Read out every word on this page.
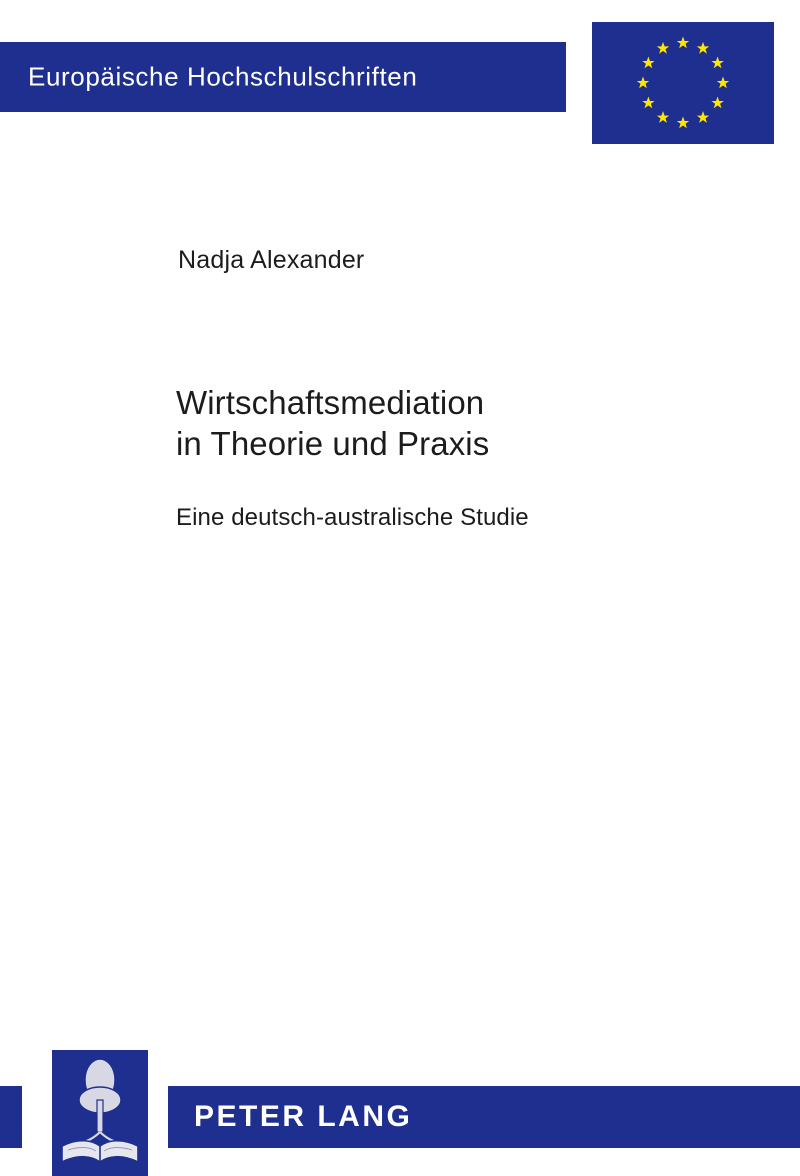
Europäische Hochschulschriften
Nadja Alexander
Wirtschaftsmediation
in Theorie und Praxis
Eine deutsch-australische Studie
PETER LANG
